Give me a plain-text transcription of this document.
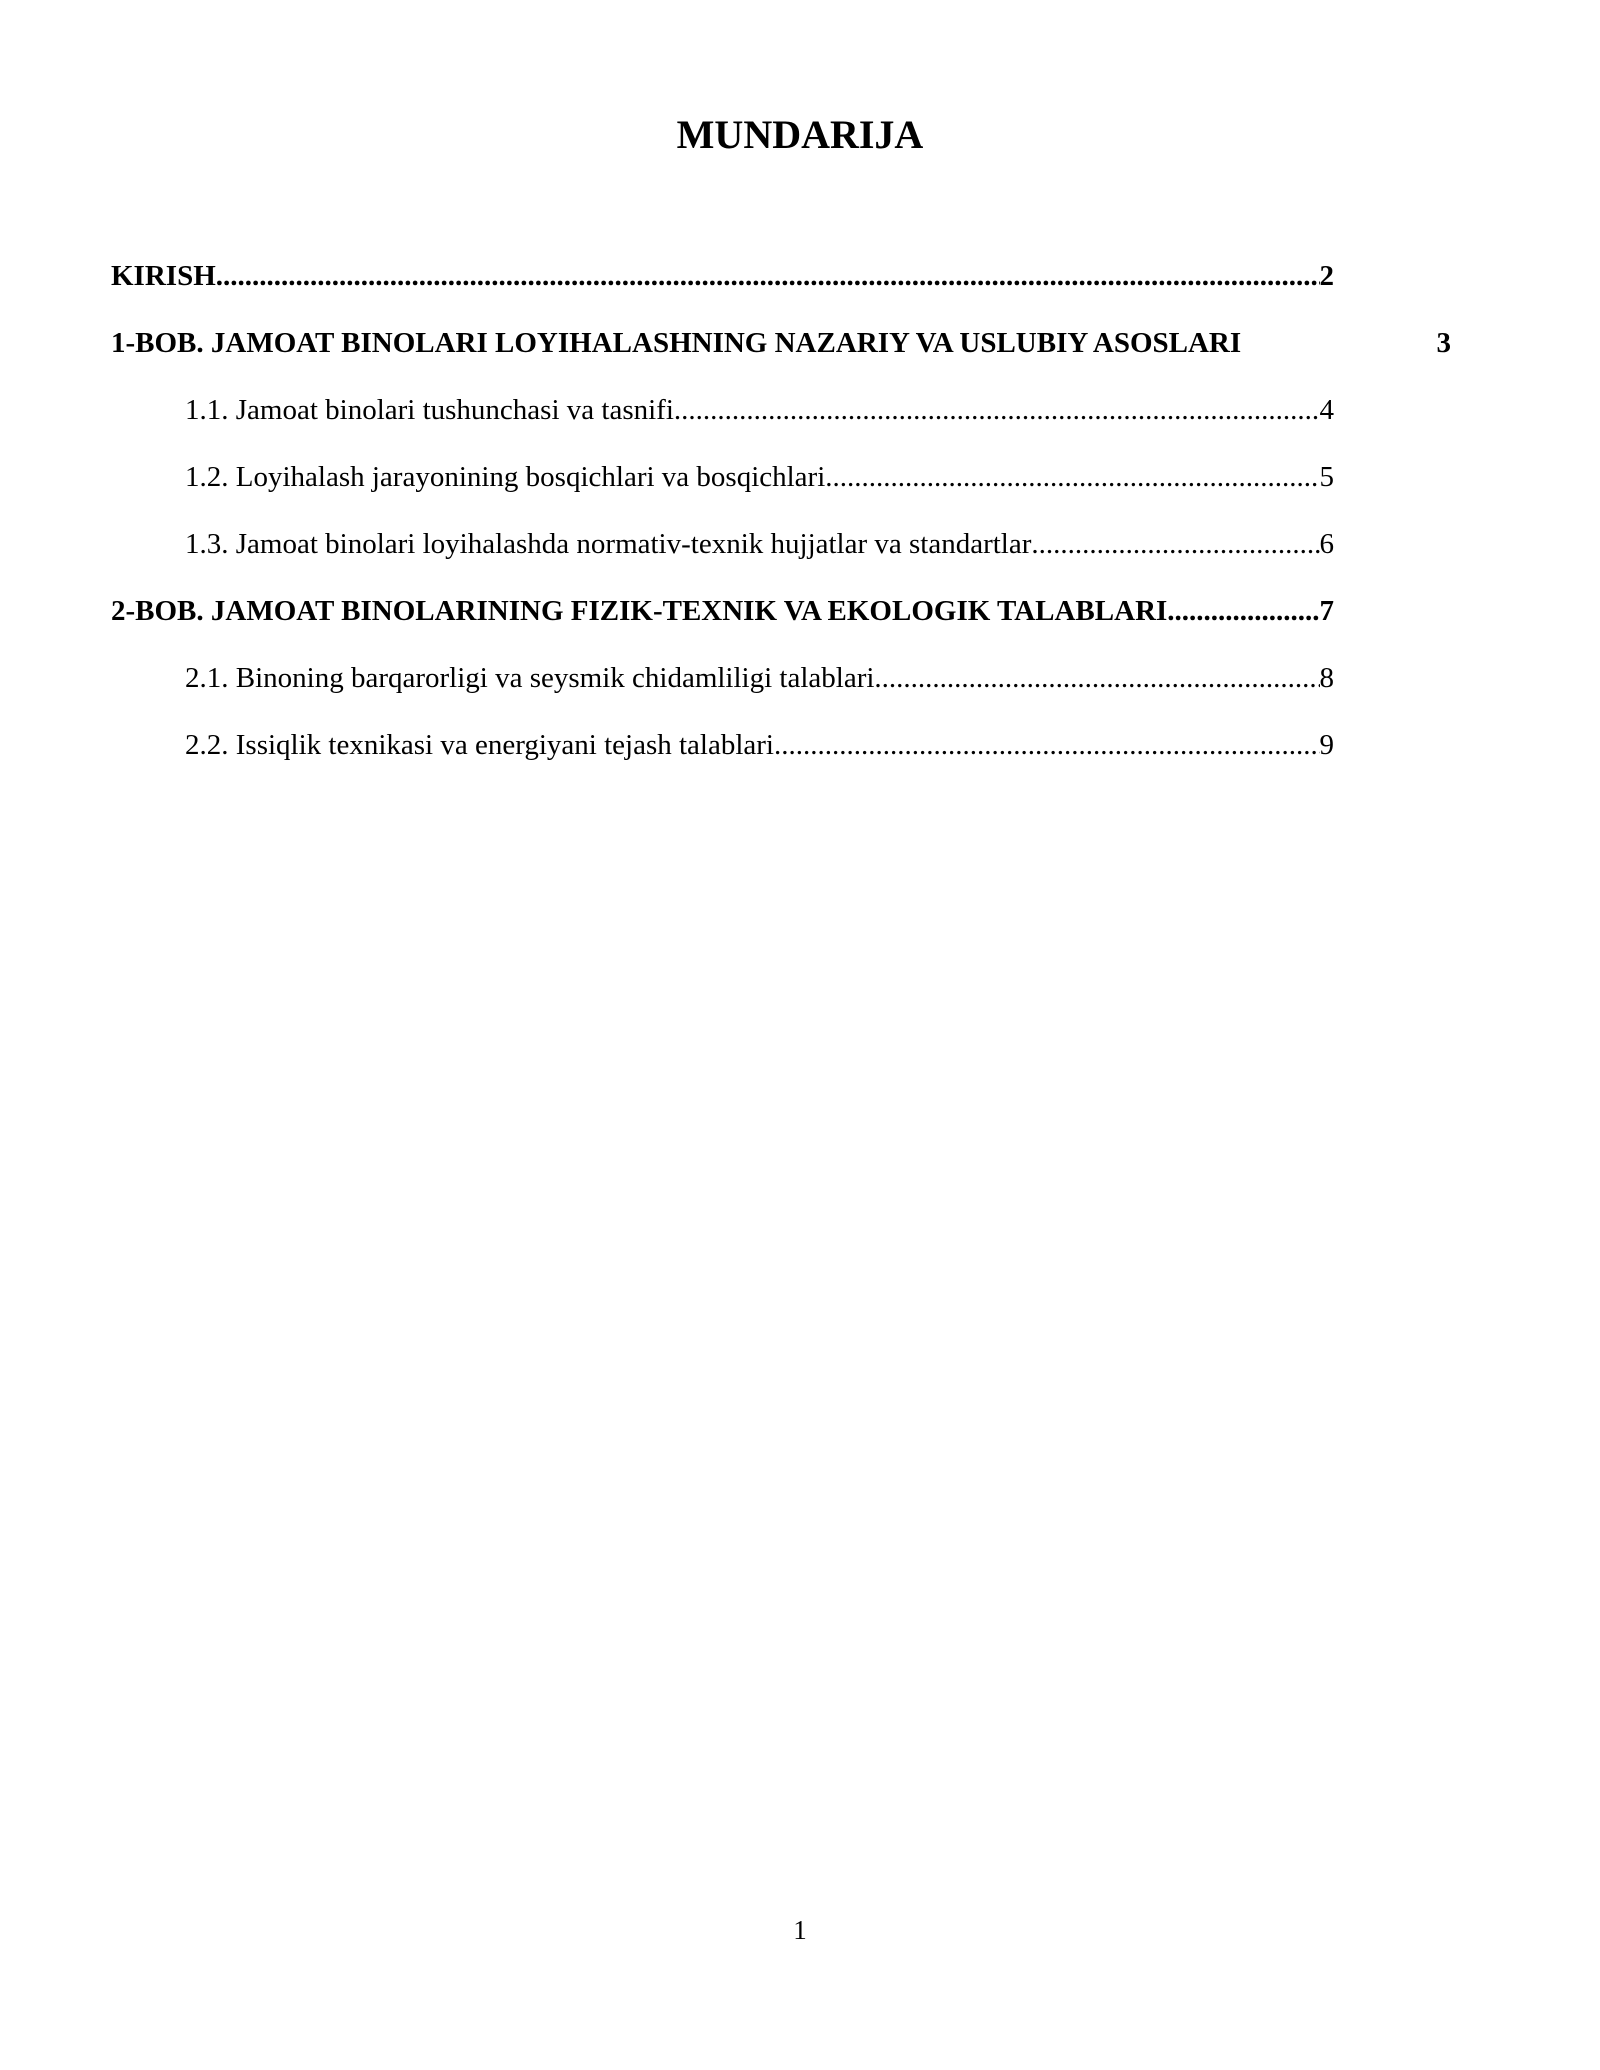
MUNDARIJA
KIRISH .....	2
1-BOB. JAMOAT BINOLARI LOYIHALASHNING NAZARIY VA USLUBIY ASOSLARI	3
1.1. Jamoat binolari tushunchasi va tasnifi .....	4
1.2. Loyihalash jarayonining bosqichlari va bosqichlari .....	5
1.3. Jamoat binolari loyihalashda normativ-texnik hujjatlar va standartlar .....	6
2-BOB. JAMOAT BINOLARINING FIZIK-TEXNIK VA EKOLOGIK TALABLARI .....	7
2.1. Binoning barqarorligi va seysmik chidamliligi talablari .....	8
2.2. Issiqlik texnikasi va energiyani tejash talablari .....	9
1
